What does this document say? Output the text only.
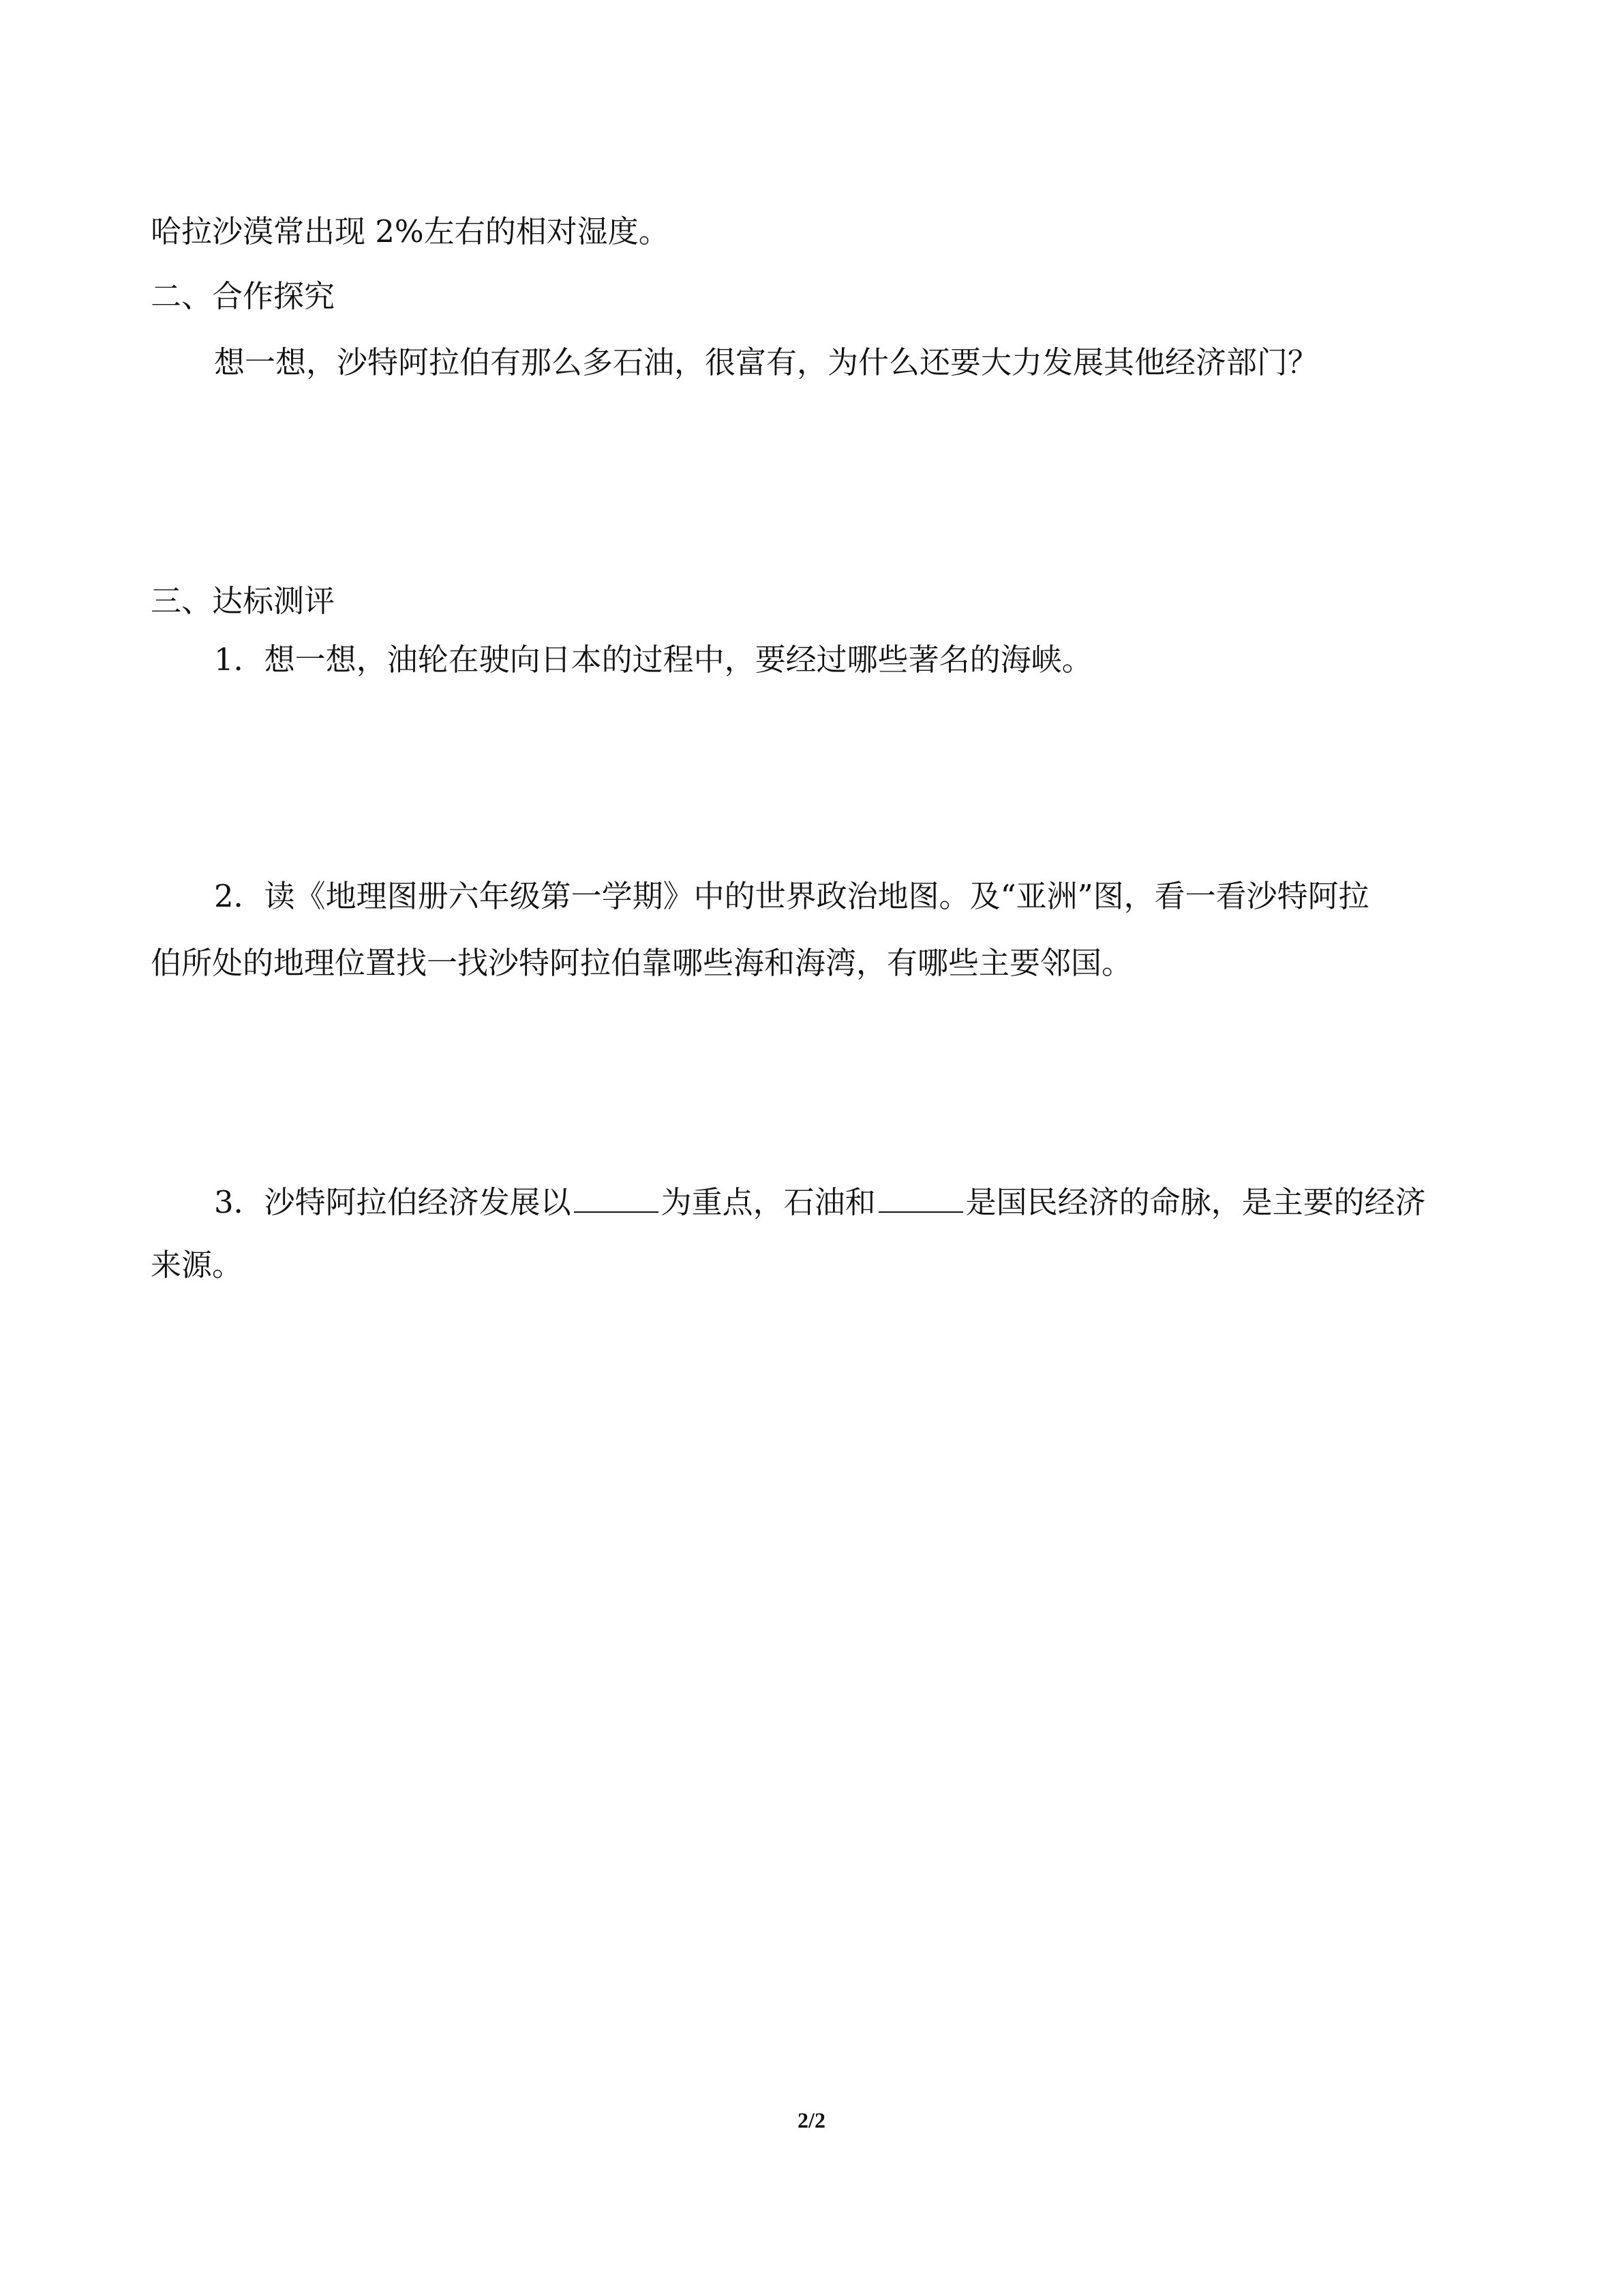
哈拉沙漠常出现 2%左右的相对湿度。
二、合作探究
想一想，沙特阿拉伯有那么多石油，很富有，为什么还要大力发展其他经济部门？
三、达标测评
1．想一想，油轮在驶向日本的过程中，要经过哪些著名的海峡。
2．读《地理图册六年级第一学期》中的世界政治地图。及“亚洲”图，看一看沙特阿拉
伯所处的地理位置找一找沙特阿拉伯靠哪些海和海湾，有哪些主要邻国。
3．沙特阿拉伯经济发展以	为重点，石油和	是国民经济的命脉，是主要的经济
来源。
2/2
